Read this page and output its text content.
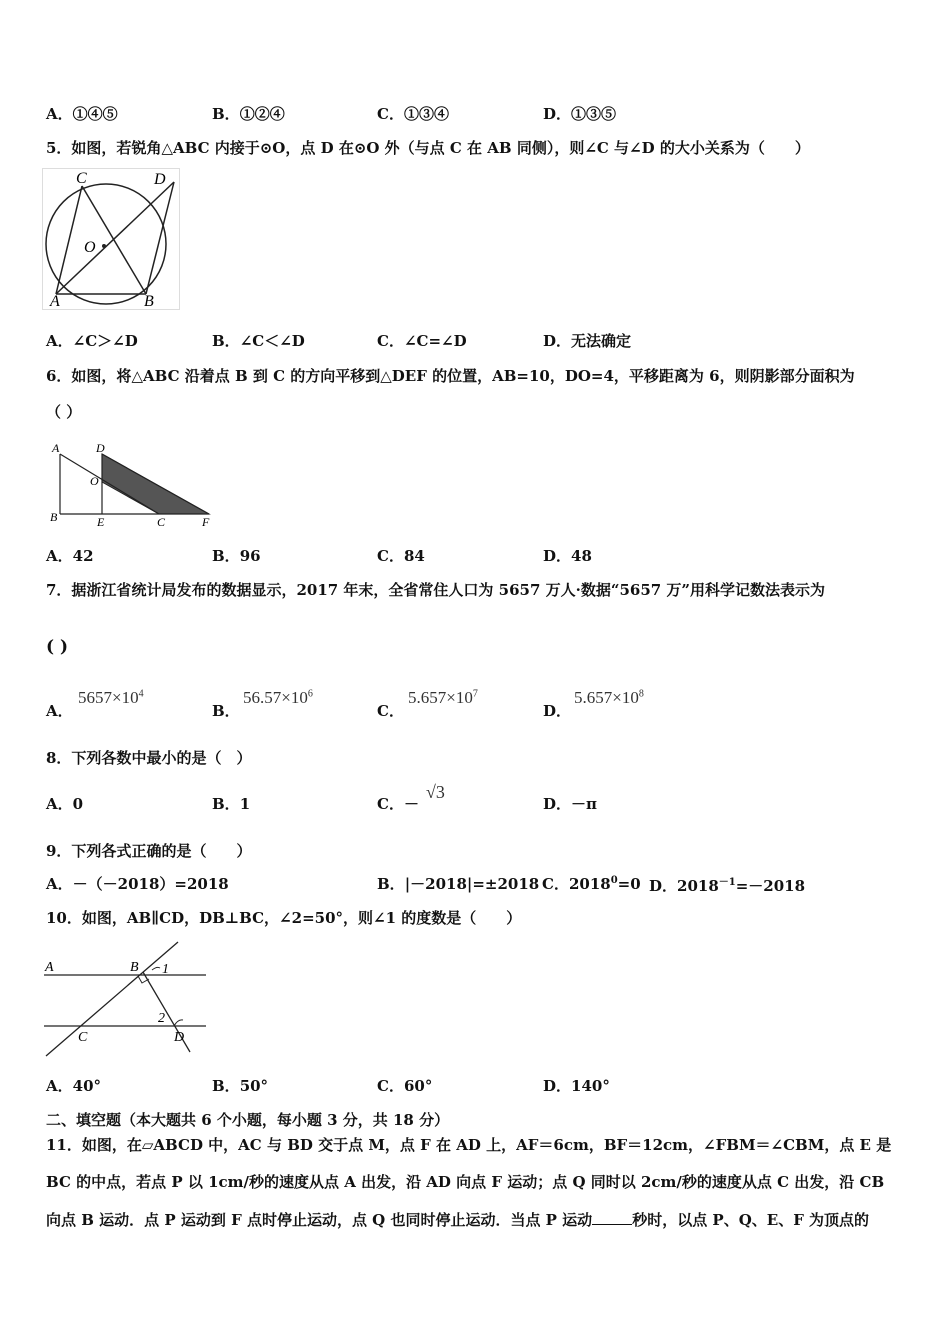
A．①④⑤	B．①②④	C．①③④	D．①③⑤
5．如图，若锐角△ABC 内接于⊙O，点 D 在⊙O 外（与点 C 在 AB 同侧），则∠C 与∠D 的大小关系为（　　）
C	D
O
A	B
A．∠C＞∠D	B．∠C＜∠D	C．∠C=∠D	D．无法确定
6．如图，将△ABC 沿着点 B 到 C 的方向平移到△DEF 的位置，AB=10，DO=4，平移距离为 6，则阴影部分面积为
（ ）
A	D
O
B	E	C	F
A．42	B．96	C．84	D．48
7．据浙江省统计局发布的数据显示，2017 年末，全省常住人口为 5657 万人·数据“5657 万”用科学记数法表示为
( )
A．
$5657\times 10^4$
B．
$56.57\times 10^6$
C．
$5.657\times 10^7$
D．
$5.657\times 10^8$
8．下列各数中最小的是（　）
A．0	B．1	C．－
√3
D．－π
9．下列各式正确的是（　　）
A．－（－2018）=2018	B．|－2018|=±2018 C．$2018^0=0$ D．$2018^{-1}=-2018$
10．如图，AB∥CD，DB⊥BC，∠2=50°，则∠1 的度数是（　　）
A	B 1
2
C	D
A．40°	B．50°	C．60°	D．140°
二、填空题（本大题共 6 个小题，每小题 3 分，共 18 分）
11．如图，在▱ABCD 中，AC 与 BD 交于点 M，点 F 在 AD 上，AF＝6cm，BF＝12cm，∠FBM＝∠CBM，点 E 是
BC 的中点，若点 P 以 1cm/秒的速度从点 A 出发，沿 AD 向点 F 运动；点 Q 同时以 2cm/秒的速度从点 C 出发，沿 CB
向点 B 运动．点 P 运动到 F 点时停止运动，点 Q 也同时停止运动．当点 P 运动	秒时，以点 P、Q、E、F 为顶点的
